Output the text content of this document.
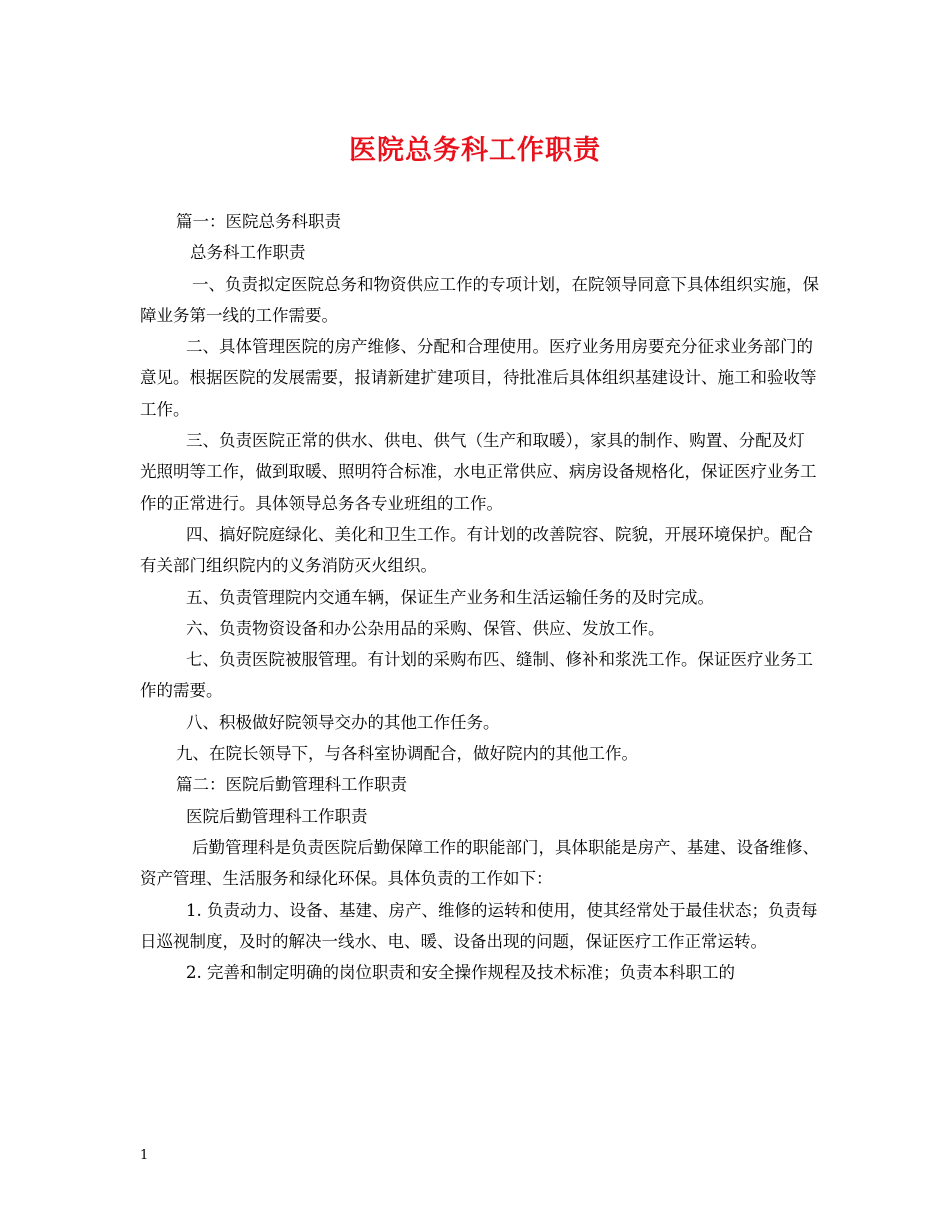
医院总务科工作职责

篇一：医院总务科职责

总务科工作职责

一、负责拟定医院总务和物资供应工作的专项计划，在院领导同意下具体组织实施，保障业务第一线的工作需要。

二、具体管理医院的房产维修、分配和合理使用。医疗业务用房要充分征求业务部门的意见。根据医院的发展需要，报请新建扩建项目，待批准后具体组织基建设计、施工和验收等工作。

三、负责医院正常的供水、供电、供气（生产和取暖），家具的制作、购置、分配及灯光照明等工作，做到取暖、照明符合标准，水电正常供应、病房设备规格化，保证医疗业务工作的正常进行。具体领导总务各专业班组的工作。

四、搞好院庭绿化、美化和卫生工作。有计划的改善院容、院貌，开展环境保护。配合有关部门组织院内的义务消防灭火组织。

五、负责管理院内交通车辆，保证生产业务和生活运输任务的及时完成。

六、负责物资设备和办公杂用品的采购、保管、供应、发放工作。

七、负责医院被服管理。有计划的采购布匹、缝制、修补和浆洗工作。保证医疗业务工作的需要。

八、积极做好院领导交办的其他工作任务。

九、在院长领导下，与各科室协调配合，做好院内的其他工作。

篇二：医院后勤管理科工作职责

医院后勤管理科工作职责

后勤管理科是负责医院后勤保障工作的职能部门，具体职能是房产、基建、设备维修、资产管理、生活服务和绿化环保。具体负责的工作如下：

1. 负责动力、设备、基建、房产、维修的运转和使用，使其经常处于最佳状态；负责每日巡视制度，及时的解决一线水、电、暖、设备出现的问题，保证医疗工作正常运转。

2. 完善和制定明确的岗位职责和安全操作规程及技术标准；负责本科职工的

1
